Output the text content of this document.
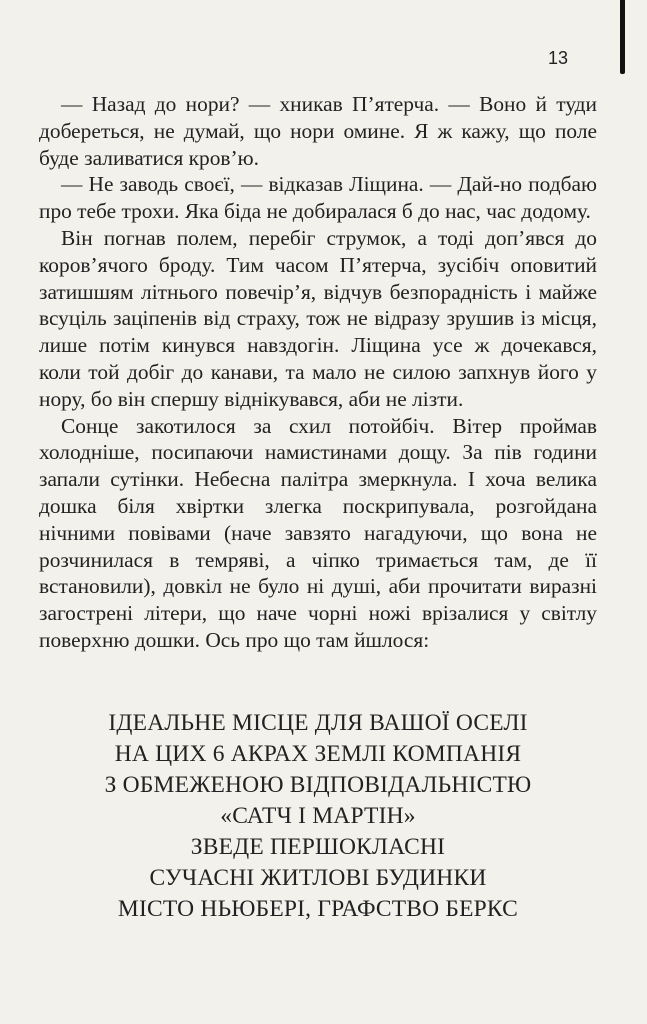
13

— Назад до нори? — хникав П’ятерча. — Воно й туди добереться, не думай, що нори омине. Я ж кажу, що поле буде заливатися кров’ю.

— Не заводь своєї, — відказав Ліщина. — Дай-но подбаю про тебе трохи. Яка біда не добиралася б до нас, час додому.

Він погнав полем, перебіг струмок, а тоді доп’явся до коров’ячого броду. Тим часом П’ятерча, зусібіч оповитий затишшям літнього повечір’я, відчув безпорадність і майже всуціль заціпенів від страху, тож не відразу зрушив із місця, лише потім кинувся навздогін. Ліщина усе ж дочекався, коли той добіг до канави, та мало не силою запхнув його у нору, бо він спершу віднікувався, аби не лізти.

Сонце закотилося за схил потойбіч. Вітер проймав холодніше, посипаючи намистинами дощу. За пів години запали сутінки. Небесна палітра змеркнула. І хоча велика дошка біля хвіртки злегка поскрипувала, розгойдана нічними повівами (наче завзято нагадуючи, що вона не розчинилася в темряві, а чіпко тримається там, де її встановили), довкіл не було ні душі, аби прочитати виразні загострені літери, що наче чорні ножі врізалися у світлу поверхню дошки. Ось про що там йшлося:

ІДЕАЛЬНЕ МІСЦЕ ДЛЯ ВАШОЇ ОСЕЛІ
НА ЦИХ 6 АКРАХ ЗЕМЛІ КОМПАНІЯ
З ОБМЕЖЕНОЮ ВІДПОВІДАЛЬНІСТЮ
«САТЧ І МАРТІН»
ЗВЕДЕ ПЕРШОКЛАСНІ
СУЧАСНІ ЖИТЛОВІ БУДИНКИ
МІСТО НЬЮБЕРІ, ГРАФСТВО БЕРКС
